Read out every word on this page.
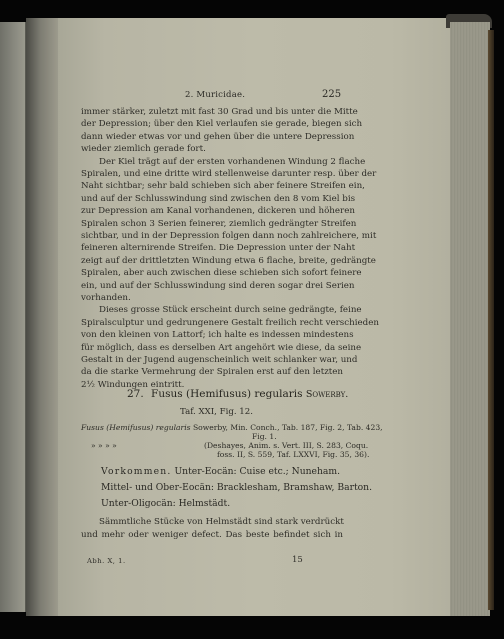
2. Muricidae.	225
immer stärker, zuletzt mit fast 30 Grad und bis unter die Mitte
der Depression; über den Kiel verlaufen sie gerade, biegen sich
dann wieder etwas vor und gehen über die untere Depression
wieder ziemlich gerade fort.
Der Kiel trägt auf der ersten vorhandenen Windung 2 flache
Spiralen, und eine dritte wird stellenweise darunter resp. über der
Naht sichtbar; sehr bald schieben sich aber feinere Streifen ein,
und auf der Schlusswindung sind zwischen den 8 vom Kiel bis
zur Depression am Kanal vorhandenen, dickeren und höheren
Spiralen schon 3 Serien feinerer, ziemlich gedrängter Streifen
sichtbar, und in der Depression folgen dann noch zahlreichere, mit
feineren alternirende Streifen. Die Depression unter der Naht
zeigt auf der drittletzten Windung etwa 6 flache, breite, gedrängte
Spiralen, aber auch zwischen diese schieben sich sofort feinere
ein, und auf der Schlusswindung sind deren sogar drei Serien
vorhanden.
27. Fusus (Hemifusus) regularis Sowerby.
Taf. XXI, Fig. 12.
Fusus (Hemifusus) regularis Sowerby, Min. Conch., Tab. 187, Fig. 2, Tab. 423,
Fig. 1.
» » » »	(Deshayes, Anim. s. Vert. III, S. 283, Coqu.
foss. II, S. 559, Taf. LXXVI, Fig. 35, 36).
Vorkommen. Unter-Eocän: Cuise etc.; Nuneham.
Mittel- und Ober-Eocän: Bracklesham, Bramshaw, Barton.
Unter-Oligocän: Helmstädt.
Sämmtliche Stücke von Helmstädt sind stark verdrückt
und mehr oder weniger defect. Das beste befindet sich in
Abh. X, 1.	15
Dieses grosse Stück erscheint durch seine gedrängte, feine
Spiralsculptur und gedrungenere Gestalt freilich recht verschieden
von den kleinen von Lattorf; ich halte es indessen mindestens
für möglich, dass es derselben Art angehört wie diese, da seine
Gestalt in der Jugend augenscheinlich weit schlanker war, und
da die starke Vermehrung der Spiralen erst auf den letzten
2½ Windungen eintritt.
